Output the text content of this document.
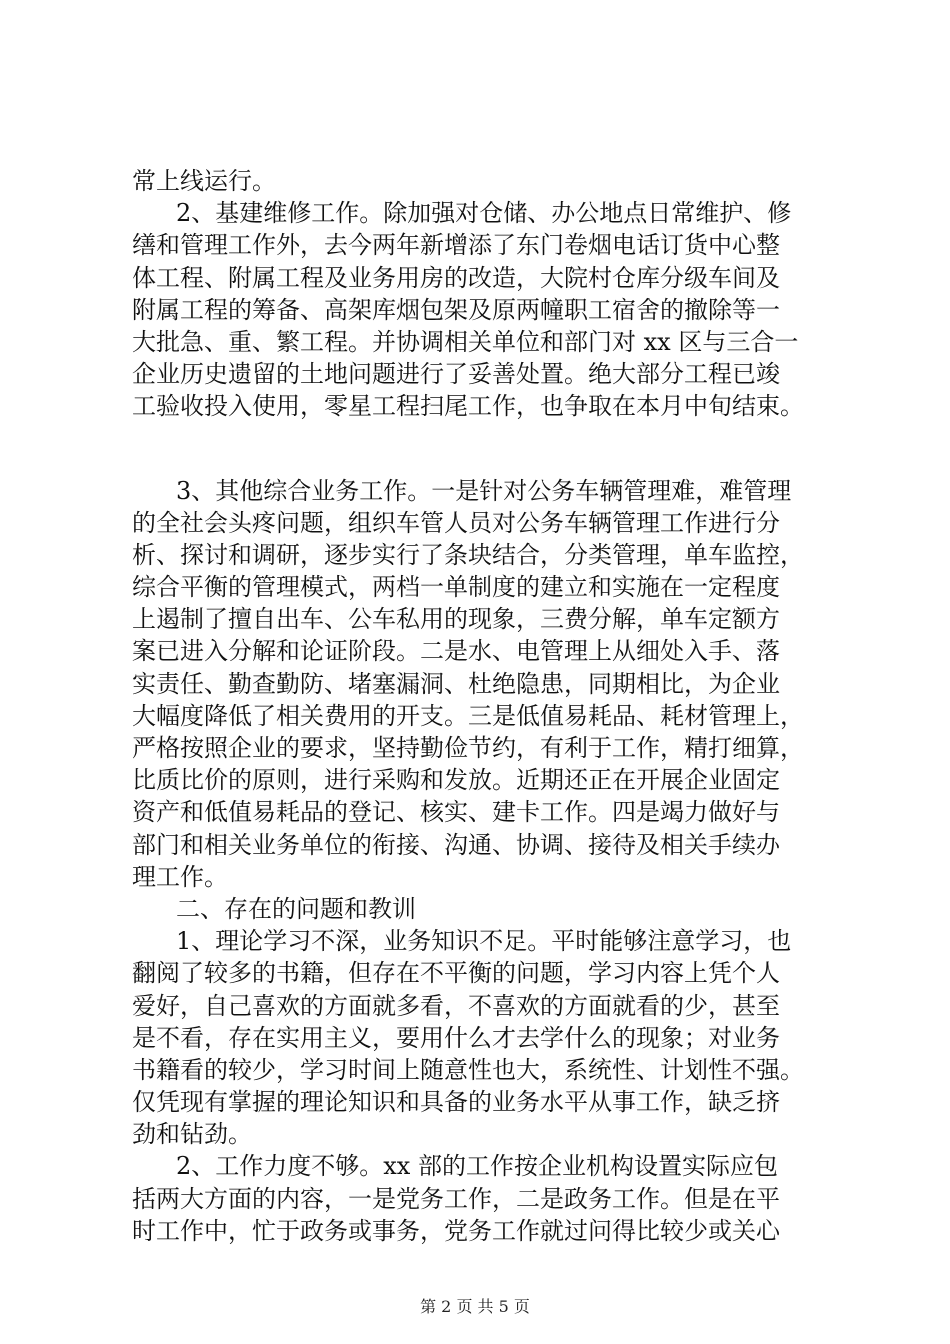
常上线运行。
2、基建维修工作。除加强对仓储、办公地点日常维护、修
缮和管理工作外，去今两年新增添了东门卷烟电话订货中心整
体工程、附属工程及业务用房的改造，大院村仓库分级车间及
附属工程的筹备、高架库烟包架及原两幢职工宿舍的撤除等一
大批急、重、繁工程。并协调相关单位和部门对 xx 区与三合一
企业历史遗留的土地问题进行了妥善处置。绝大部分工程已竣
工验收投入使用，零星工程扫尾工作，也争取在本月中旬结束。
3、其他综合业务工作。一是针对公务车辆管理难，难管理
的全社会头疼问题，组织车管人员对公务车辆管理工作进行分
析、探讨和调研，逐步实行了条块结合，分类管理，单车监控，
综合平衡的管理模式，两档一单制度的建立和实施在一定程度
上遏制了擅自出车、公车私用的现象，三费分解，单车定额方
案已进入分解和论证阶段。二是水、电管理上从细处入手、落
实责任、勤查勤防、堵塞漏洞、杜绝隐患，同期相比，为企业
大幅度降低了相关费用的开支。三是低值易耗品、耗材管理上，
严格按照企业的要求，坚持勤俭节约，有利于工作，精打细算，
比质比价的原则，进行采购和发放。近期还正在开展企业固定
资产和低值易耗品的登记、核实、建卡工作。四是竭力做好与
部门和相关业务单位的衔接、沟通、协调、接待及相关手续办
理工作。
二、存在的问题和教训
1、理论学习不深，业务知识不足。平时能够注意学习，也
翻阅了较多的书籍，但存在不平衡的问题，学习内容上凭个人
爱好，自己喜欢的方面就多看，不喜欢的方面就看的少，甚至
是不看，存在实用主义，要用什么才去学什么的现象；对业务
书籍看的较少，学习时间上随意性也大，系统性、计划性不强。
仅凭现有掌握的理论知识和具备的业务水平从事工作，缺乏挤
劲和钻劲。
2、工作力度不够。xx 部的工作按企业机构设置实际应包
括两大方面的内容，一是党务工作，二是政务工作。但是在平
时工作中，忙于政务或事务，党务工作就过问得比较少或关心
第 2 页 共 5 页
